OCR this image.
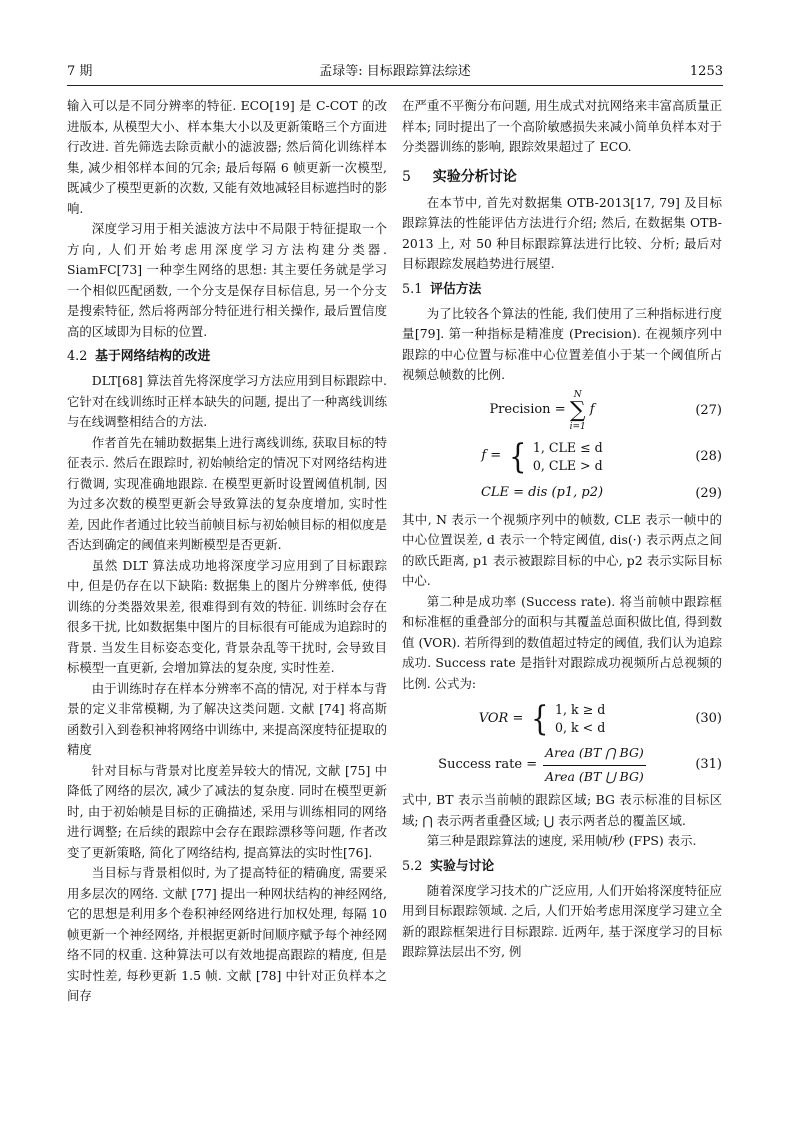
7 期	孟琭等: 目标跟踪算法综述	1253

输入可以是不同分辨率的特征. ECO[19] 是 C-COT 的改进版本, 从模型大小、样本集大小以及更新策略三个方面进行改进. 首先筛选去除贡献小的滤波器; 然后简化训练样本集, 减少相邻样本间的冗余; 最后每隔 6 帧更新一次模型, 既减少了模型更新的次数, 又能有效地减轻目标遮挡时的影响.

深度学习用于相关滤波方法中不局限于特征提取一个方向, 人们开始考虑用深度学习方法构建分类器. SiamFC[73] 一种孪生网络的思想: 其主要任务就是学习一个相似匹配函数, 一个分支是保存目标信息, 另一个分支是搜索特征, 然后将两部分特征进行相关操作, 最后置信度高的区域即为目标的位置.

4.2 基于网络结构的改进

DLT[68] 算法首先将深度学习方法应用到目标跟踪中. 它针对在线训练时正样本缺失的问题, 提出了一种离线训练与在线调整相结合的方法.

作者首先在辅助数据集上进行离线训练, 获取目标的特征表示. 然后在跟踪时, 初始帧给定的情况下对网络结构进行微调, 实现准确地跟踪. 在模型更新时设置阈值机制, 因为过多次数的模型更新会导致算法的复杂度增加, 实时性差, 因此作者通过比较当前帧目标与初始帧目标的相似度是否达到确定的阈值来判断模型是否更新.

虽然 DLT 算法成功地将深度学习应用到了目标跟踪中, 但是仍存在以下缺陷: 数据集上的图片分辨率低, 使得训练的分类器效果差, 很难得到有效的特征. 训练时会存在很多干扰, 比如数据集中图片的目标很有可能成为追踪时的背景. 当发生目标姿态变化, 背景杂乱等干扰时, 会导致目标模型一直更新, 会增加算法的复杂度, 实时性差.

由于训练时存在样本分辨率不高的情况, 对于样本与背景的定义非常模糊, 为了解决这类问题. 文献 [74] 将高斯函数引入到卷积神将网络中训练中, 来提高深度特征提取的精度

针对目标与背景对比度差异较大的情况, 文献 [75] 中降低了网络的层次, 减少了减法的复杂度. 同时在模型更新时, 由于初始帧是目标的正确描述, 采用与训练相同的网络进行调整; 在后续的跟踪中会存在跟踪漂移等问题, 作者改变了更新策略, 简化了网络结构, 提高算法的实时性[76].

当目标与背景相似时, 为了提高特征的精确度, 需要采用多层次的网络. 文献 [77] 提出一种网状结构的神经网络, 它的思想是利用多个卷积神经网络进行加权处理, 每隔 10 帧更新一个神经网络, 并根据更新时间顺序赋予每个神经网络不同的权重. 这种算法可以有效地提高跟踪的精度, 但是实时性差, 每秒更新 1.5 帧. 文献 [78] 中针对正负样本之间存

在严重不平衡分布问题, 用生成式对抗网络来丰富高质量正样本; 同时提出了一个高阶敏感损失来减小简单负样本对于分类器训练的影响, 跟踪效果超过了 ECO.

5 实验分析讨论

在本节中, 首先对数据集 OTB-2013[17, 79] 及目标跟踪算法的性能评估方法进行介绍; 然后, 在数据集 OTB-2013 上, 对 50 种目标跟踪算法进行比较、分析; 最后对目标跟踪发展趋势进行展望.

5.1 评估方法

为了比较各个算法的性能, 我们使用了三种指标进行度量[79]. 第一种指标是精准度 (Precision). 在视频序列中跟踪的中心位置与标准中心位置差值小于某一个阈值所占视频总帧数的比例.

Precision =
N
∑
i=1
f	(27)
f = { 1, CLE ≤ d
0, CLE > d
(28)
CLE = dis (p1, p2)	(29)

其中, N 表示一个视频序列中的帧数, CLE 表示一帧中的中心位置误差, d 表示一个特定阈值, dis(·) 表示两点之间的欧氏距离, p1 表示被跟踪目标的中心, p2 表示实际目标中心.

第二种是成功率 (Success rate). 将当前帧中跟踪框和标准框的重叠部分的面积与其覆盖总面积做比值, 得到数值 (VOR). 若所得到的数值超过特定的阈值, 我们认为追踪成功. Success rate 是指针对跟踪成功视频所占总视频的比例. 公式为:

VOR = { 1, k ≥ d
0, k < d
(30)
Success rate = $\frac{\text{Area (BT ⋂ BG)}}{\text{Area (BT ⋃ BG)}}$	(31)

式中, BT 表示当前帧的跟踪区域; BG 表示标准的目标区域; ⋂ 表示两者重叠区域; ⋃ 表示两者总的覆盖区域.

第三种是跟踪算法的速度, 采用帧/秒 (FPS) 表示.

5.2 实验与讨论

随着深度学习技术的广泛应用, 人们开始将深度特征应用到目标跟踪领域. 之后, 人们开始考虑用深度学习建立全新的跟踪框架进行目标跟踪. 近两年, 基于深度学习的目标跟踪算法层出不穷, 例
